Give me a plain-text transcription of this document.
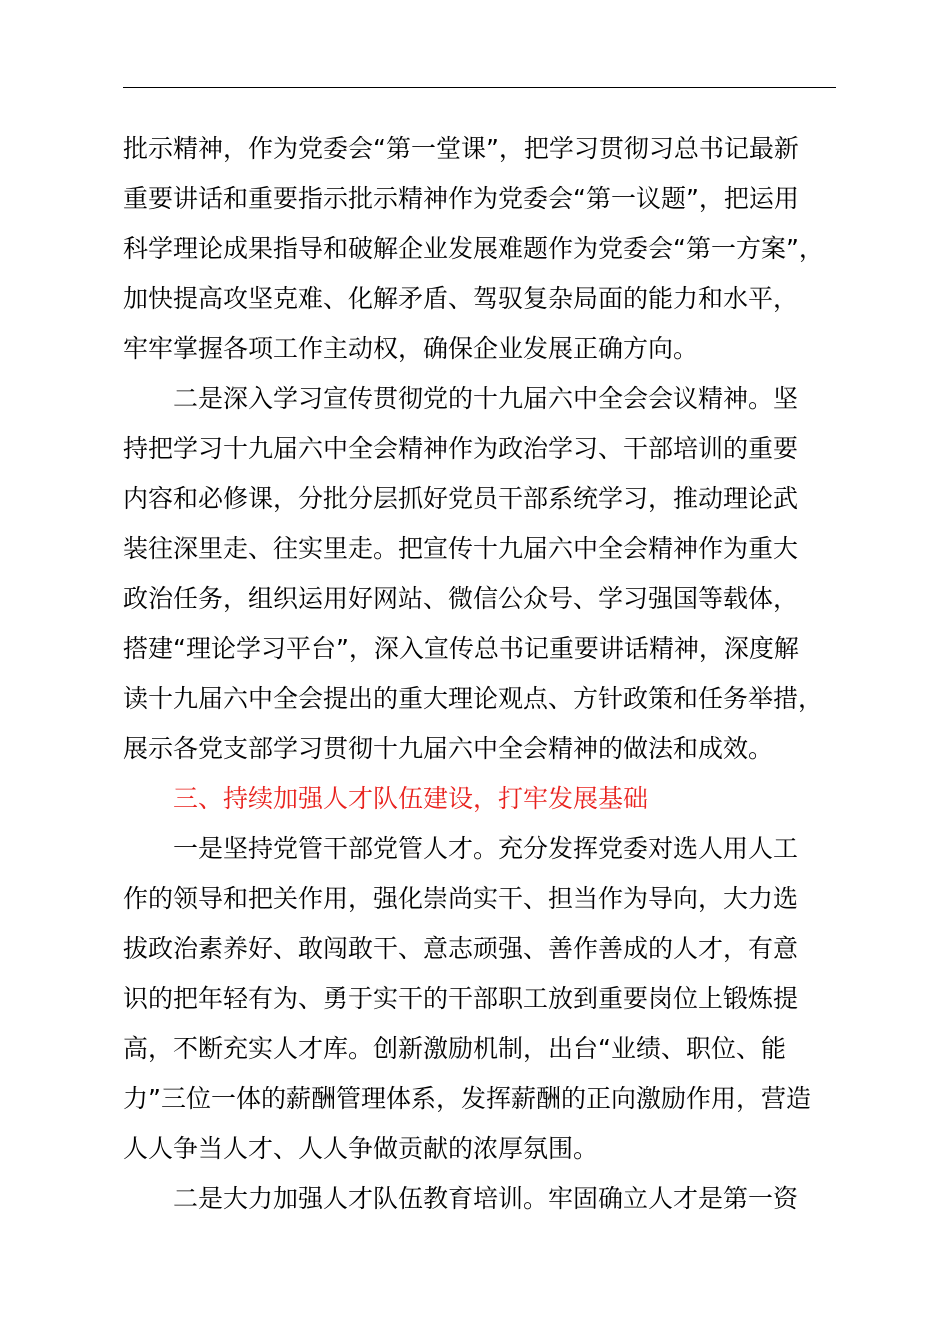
批示精神，作为党委会“第一堂课”，把学习贯彻习总书记最新
重要讲话和重要指示批示精神作为党委会“第一议题”，把运用
科学理论成果指导和破解企业发展难题作为党委会“第一方案”，
加快提高攻坚克难、化解矛盾、驾驭复杂局面的能力和水平，
牢牢掌握各项工作主动权，确保企业发展正确方向。
二是深入学习宣传贯彻党的十九届六中全会会议精神。坚
持把学习十九届六中全会精神作为政治学习、干部培训的重要
内容和必修课，分批分层抓好党员干部系统学习，推动理论武
装往深里走、往实里走。把宣传十九届六中全会精神作为重大
政治任务，组织运用好网站、微信公众号、学习强国等载体，
搭建“理论学习平台”，深入宣传总书记重要讲话精神，深度解
读十九届六中全会提出的重大理论观点、方针政策和任务举措，
展示各党支部学习贯彻十九届六中全会精神的做法和成效。
三、持续加强人才队伍建设，打牢发展基础
一是坚持党管干部党管人才。充分发挥党委对选人用人工
作的领导和把关作用，强化崇尚实干、担当作为导向，大力选
拔政治素养好、敢闯敢干、意志顽强、善作善成的人才，有意
识的把年轻有为、勇于实干的干部职工放到重要岗位上锻炼提
高，不断充实人才库。创新激励机制，出台“业绩、职位、能
力”三位一体的薪酬管理体系，发挥薪酬的正向激励作用，营造
人人争当人才、人人争做贡献的浓厚氛围。
二是大力加强人才队伍教育培训。牢固确立人才是第一资
